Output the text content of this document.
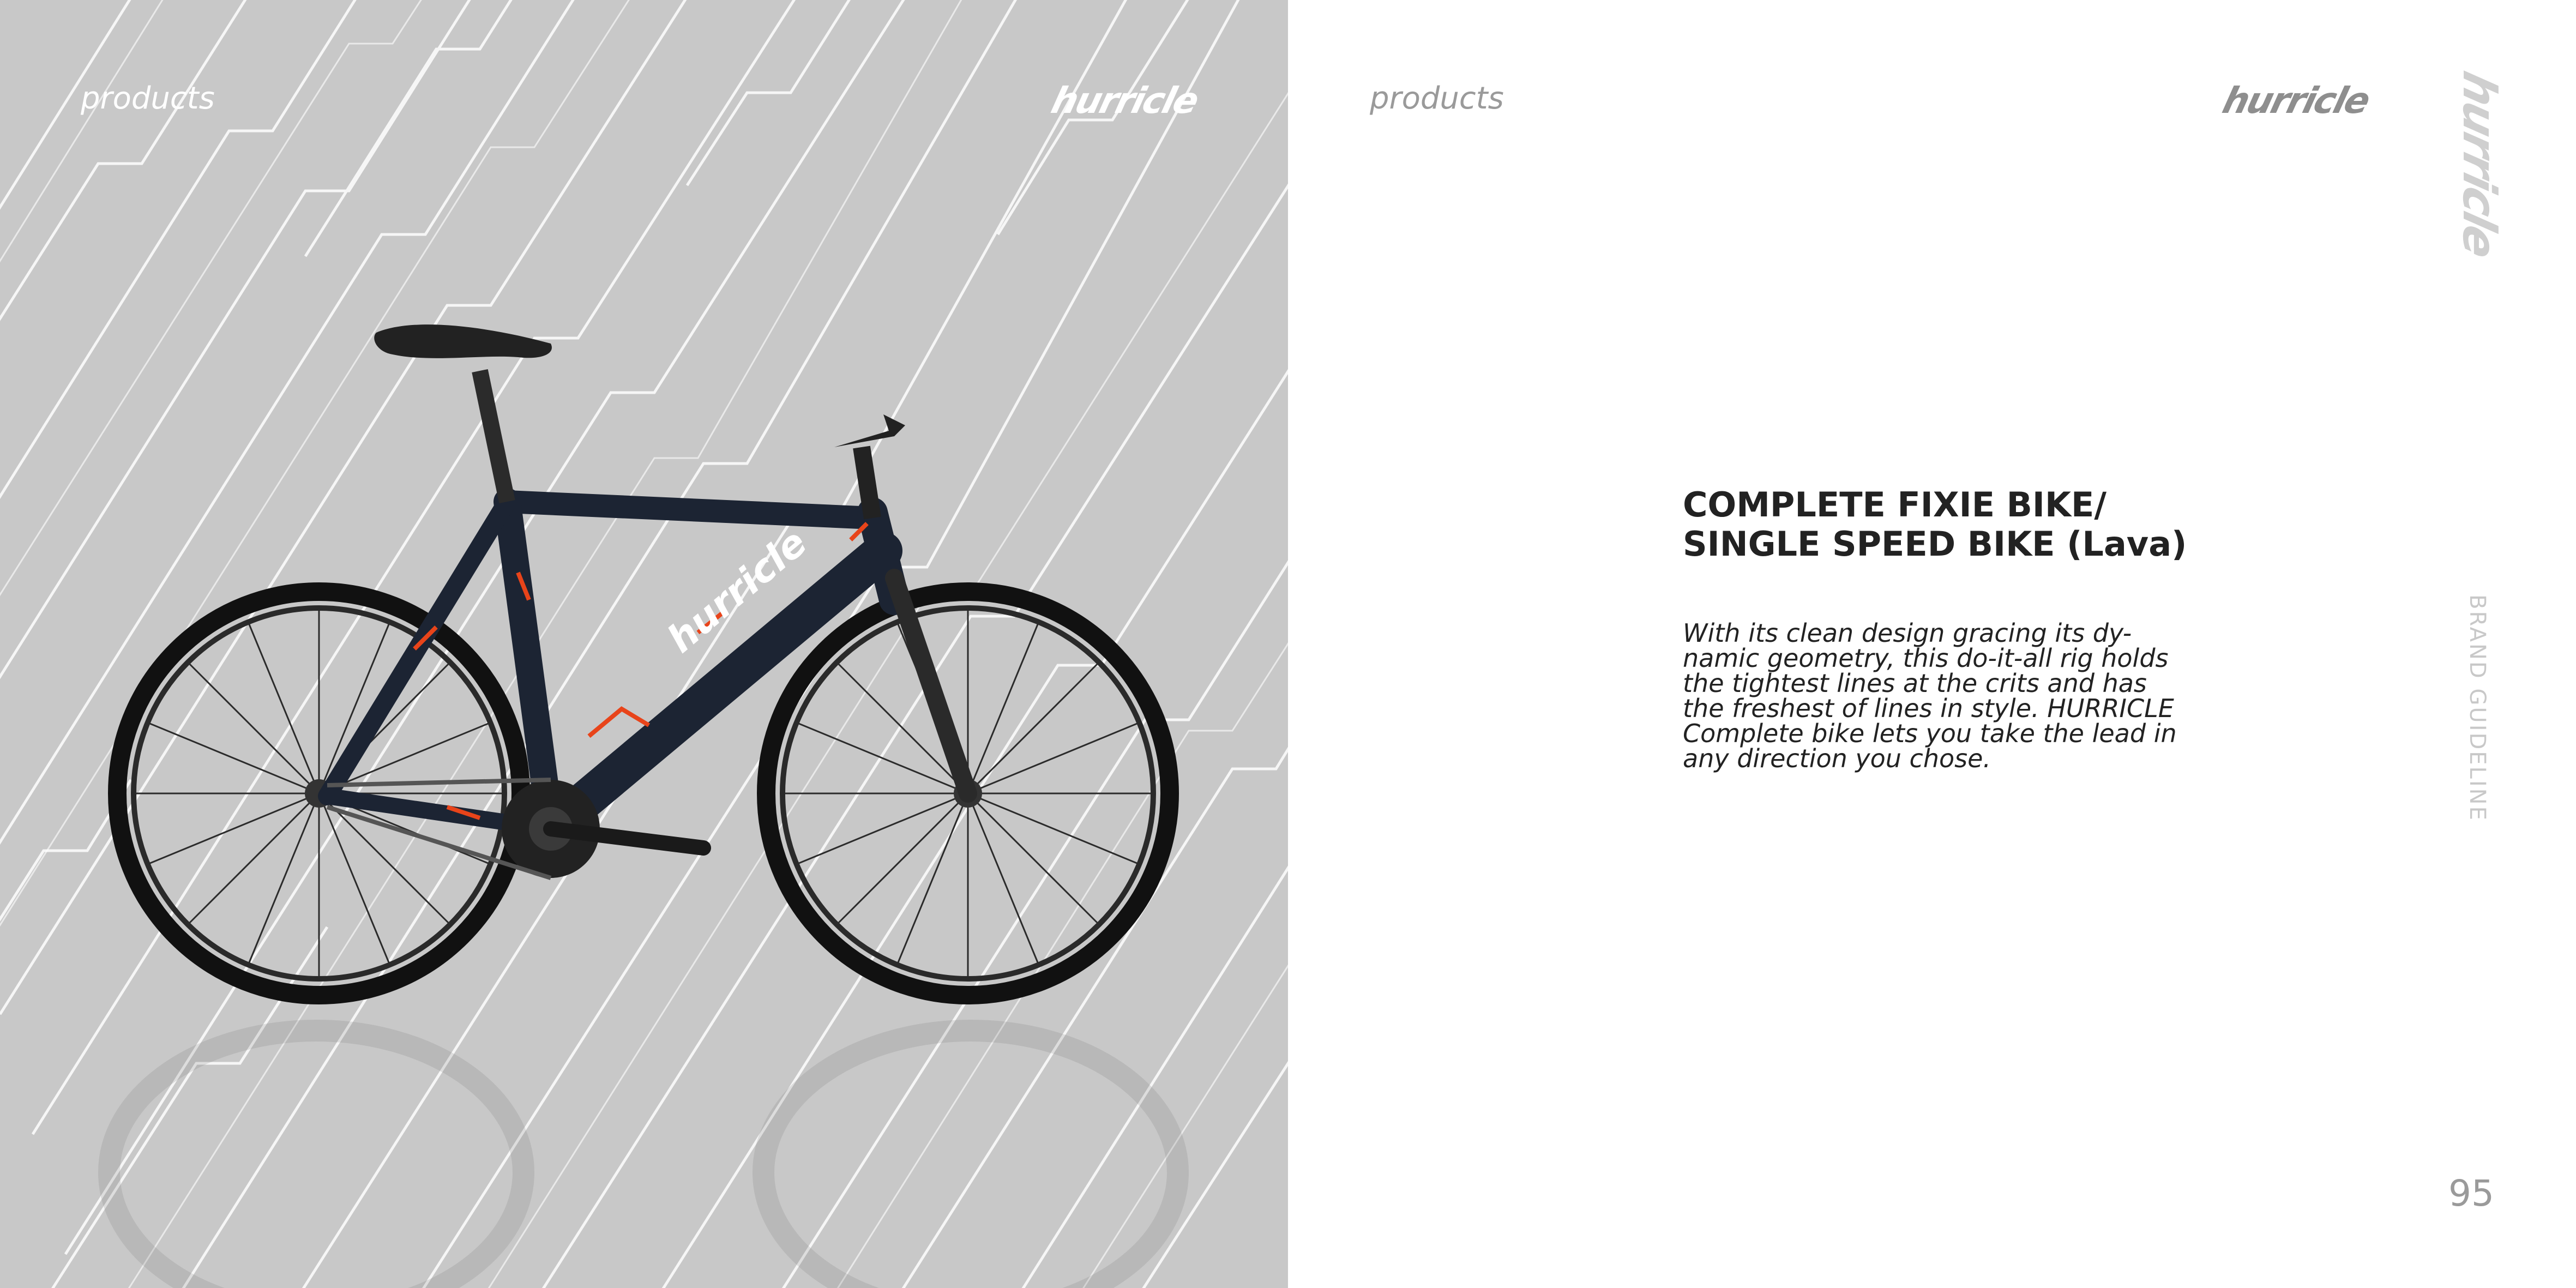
products	hurricle
hurricle
products	hurricle hurricle
BRAND GUIDELINE
COMPLETE FIXIE BIKE/
SINGLE SPEED BIKE (Lava)
With its clean design gracing its dy-namic geometry, this do-it-all rig holds the tightest lines at the crits and has the freshest of lines in style. HURRICLE Complete bike lets you take the lead in any direction you chose.
95
